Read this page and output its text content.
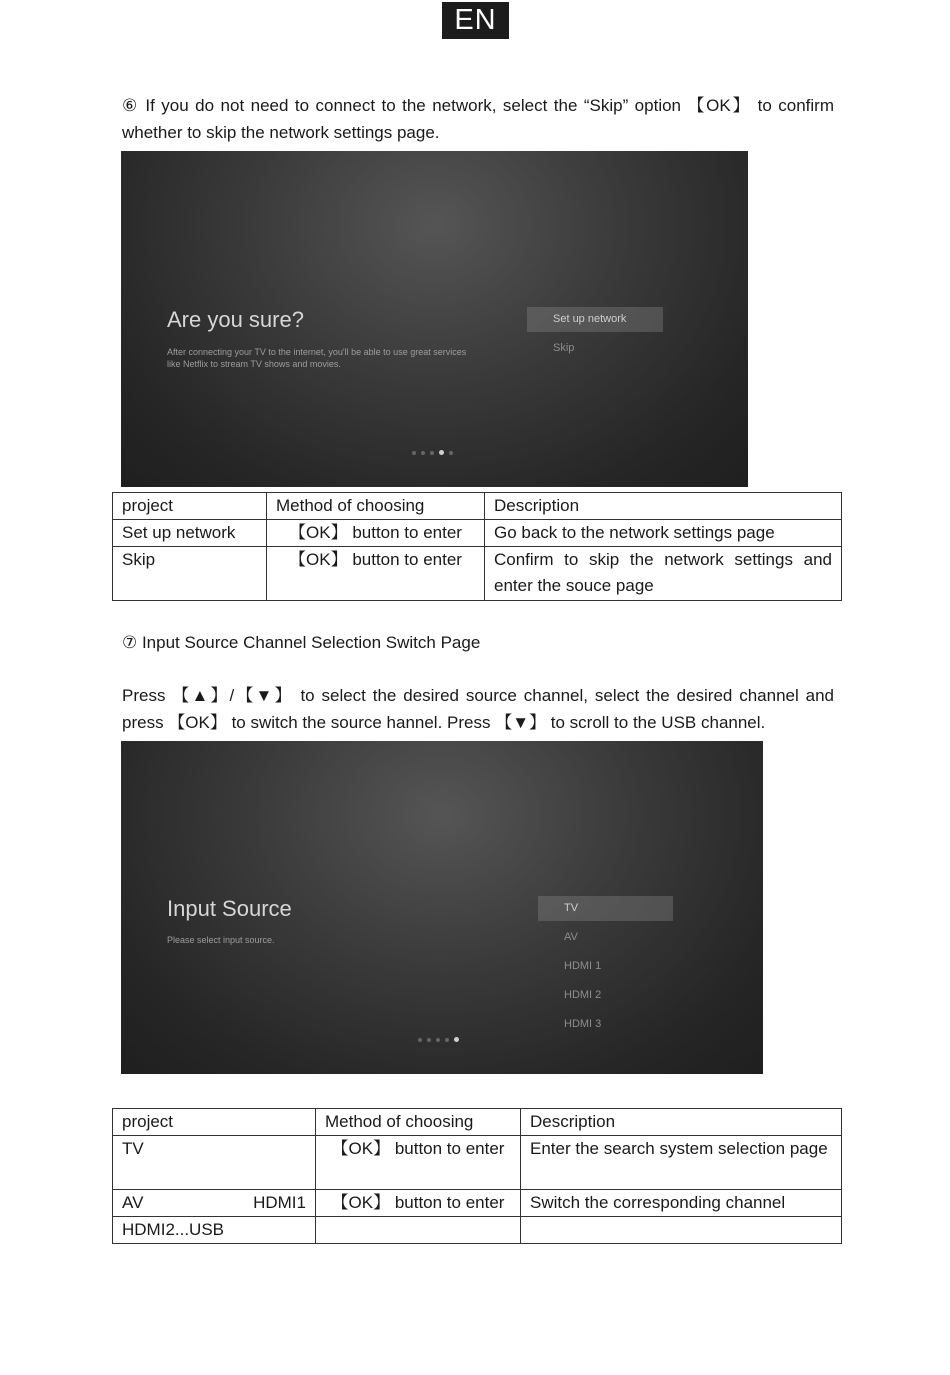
EN
⑥ If you do not need to connect to the network, select the “Skip” option 【OK】 to confirm whether to skip the network settings page.
Are you sure?
After connecting your TV to the internet, you'll be able to use great services like Netflix to stream TV shows and movies.
Set up network
Skip
project	Method of choosing	Description
Set up network	【OK】 button to enter	Go back to the network settings page
Skip	【OK】 button to enter	Confirm to skip the network settings and enter the souce page
⑦ Input Source Channel Selection Switch Page
Press 【▲】/【▼】 to select the desired source channel, select the desired channel and press 【OK】 to switch the source hannel. Press 【▼】 to scroll to the USB channel.
Input Source
Please select input source.
TV
AV
HDMI 1
HDMI 2
HDMI 3
project	Method of choosing	Description
TV	【OK】 button to enter	Enter the search system selection page

AV HDMI1	【OK】 button to enter	Switch the corresponding channel
HDMI2...USB		
